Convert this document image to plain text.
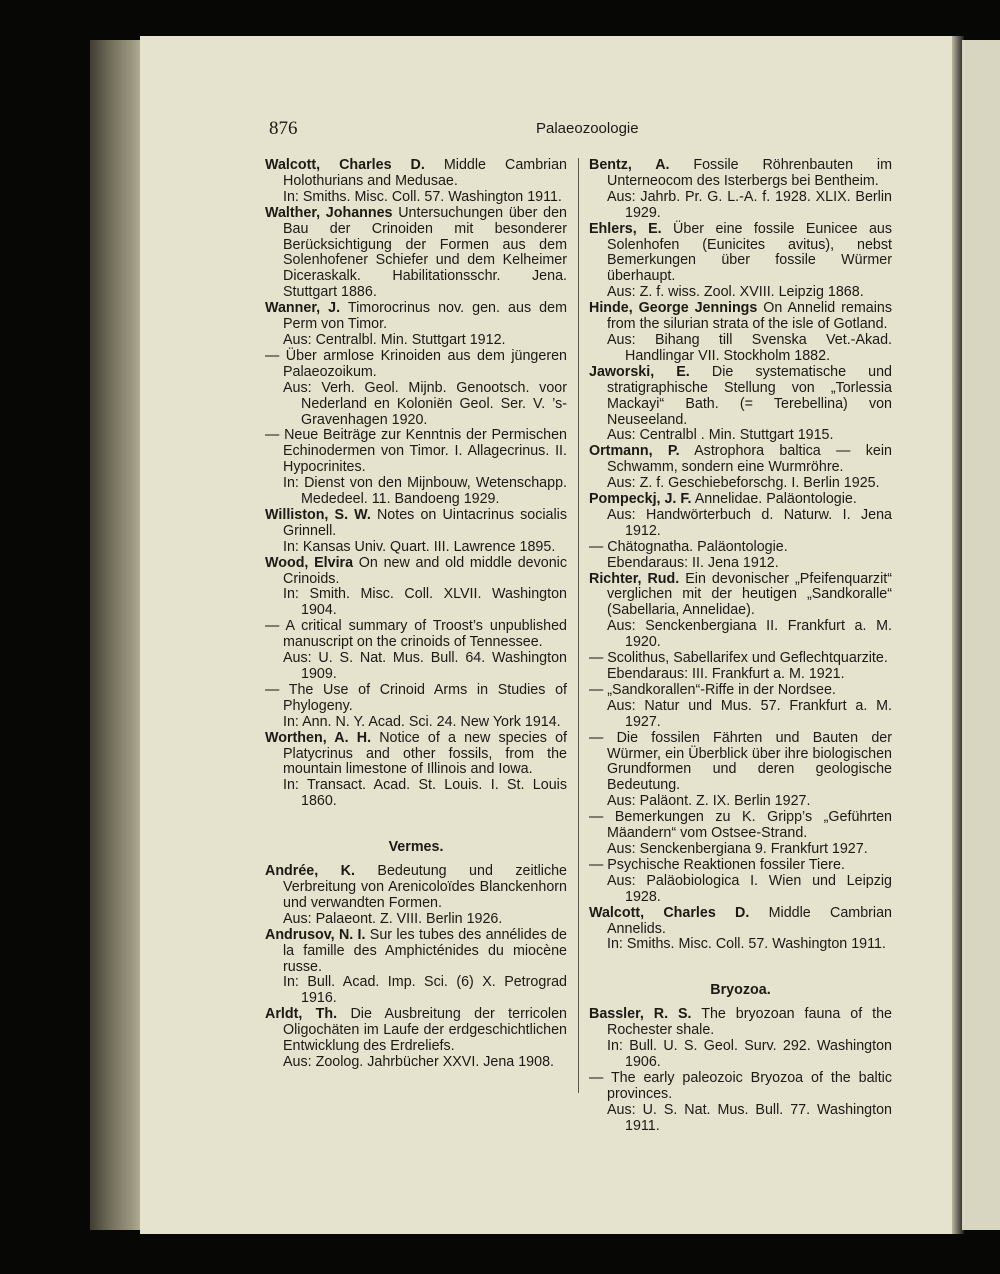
876	Palaeozoologie

Walcott, Charles D. Middle Cambrian Holothurians and Medusae.
In: Smiths. Misc. Coll. 57. Washington 1911.

Walther, Johannes Untersuchungen über den Bau der Crinoiden mit besonderer Berücksichtigung der Formen aus dem Solenhofener Schiefer und dem Kelheimer Diceraskalk. Habilitationsschr. Jena. Stuttgart 1886.

Wanner, J. Timorocrinus nov. gen. aus dem Perm von Timor.
Aus: Centralbl. Min. Stuttgart 1912.

— Über armlose Krinoiden aus dem jüngeren Palaeozoikum.
Aus: Verh. Geol. Mijnb. Genootsch. voor Nederland en Koloniën Geol. Ser. V. ’s-Gravenhagen 1920.

— Neue Beiträge zur Kenntnis der Permischen Echinodermen von Timor. I. Allagecrinus. II. Hypocrinites.
In: Dienst von den Mijnbouw, Wetenschapp. Mededeel. 11. Bandoeng 1929.

Williston, S. W. Notes on Uintacrinus socialis Grinnell.
In: Kansas Univ. Quart. III. Lawrence 1895.

Wood, Elvira On new and old middle devonic Crinoids.
In: Smith. Misc. Coll. XLVII. Washington 1904.

— A critical summary of Troost’s unpublished manuscript on the crinoids of Tennessee.
Aus: U. S. Nat. Mus. Bull. 64. Washington 1909.

— The Use of Crinoid Arms in Studies of Phylogeny.
In: Ann. N. Y. Acad. Sci. 24. New York 1914.

Worthen, A. H. Notice of a new species of Platycrinus and other fossils, from the mountain limestone of Illinois and Iowa.
In: Transact. Acad. St. Louis. I. St. Louis 1860.

Vermes.

Andrée, K. Bedeutung und zeitliche Verbreitung von Arenicoloïdes Blanckenhorn und verwandten Formen.
Aus: Palaeont. Z. VIII. Berlin 1926.

Andrusov, N. I. Sur les tubes des annélides de la famille des Amphicténides du miocène russe.
In: Bull. Acad. Imp. Sci. (6) X. Petrograd 1916.

Arldt, Th. Die Ausbreitung der terricolen Oligochäten im Laufe der erdgeschichtlichen Entwicklung des Erdreliefs.
Aus: Zoolog. Jahrbücher XXVI. Jena 1908.

Bentz, A. Fossile Röhrenbauten im Unterneocom des Isterbergs bei Bentheim.
Aus: Jahrb. Pr. G. L.-A. f. 1928. XLIX. Berlin 1929.

Ehlers, E. Über eine fossile Eunicee aus Solenhofen (Eunicites avitus), nebst Bemerkungen über fossile Würmer überhaupt.
Aus: Z. f. wiss. Zool. XVIII. Leipzig 1868.

Hinde, George Jennings On Annelid remains from the silurian strata of the isle of Gotland.
Aus: Bihang till Svenska Vet.-Akad. Handlingar VII. Stockholm 1882.

Jaworski, E. Die systematische und stratigraphische Stellung von „Torlessia Mackayi“ Bath. (= Terebellina) von Neuseeland.
Aus: Centralbl . Min. Stuttgart 1915.

Ortmann, P. Astrophora baltica — kein Schwamm, sondern eine Wurmröhre.
Aus: Z. f. Geschiebeforschg. I. Berlin 1925.

Pompeckj, J. F. Annelidae. Paläontologie.
Aus: Handwörterbuch d. Naturw. I. Jena 1912.

— Chätognatha. Paläontologie.
Ebendaraus: II. Jena 1912.

Richter, Rud. Ein devonischer „Pfeifenquarzit“ verglichen mit der heutigen „Sandkoralle“ (Sabellaria, Annelidae).
Aus: Senckenbergiana II. Frankfurt a. M. 1920.

— Scolithus, Sabellarifex und Geflechtquarzite.
Ebendaraus: III. Frankfurt a. M. 1921.

— „Sandkorallen“-Riffe in der Nordsee.
Aus: Natur und Mus. 57. Frankfurt a. M. 1927.

— Die fossilen Fährten und Bauten der Würmer, ein Überblick über ihre biologischen Grundformen und deren geologische Bedeutung.
Aus: Paläont. Z. IX. Berlin 1927.

— Bemerkungen zu K. Gripp’s „Geführten Mäandern“ vom Ostsee-Strand.
Aus: Senckenbergiana 9. Frankfurt 1927.

— Psychische Reaktionen fossiler Tiere.
Aus: Paläobiologica I. Wien und Leipzig 1928.

Walcott, Charles D. Middle Cambrian Annelids.
In: Smiths. Misc. Coll. 57. Washington 1911.

Bryozoa.

Bassler, R. S. The bryozoan fauna of the Rochester shale.
In: Bull. U. S. Geol. Surv. 292. Washington 1906.

— The early paleozoic Bryozoa of the baltic provinces.
Aus: U. S. Nat. Mus. Bull. 77. Washington 1911.
